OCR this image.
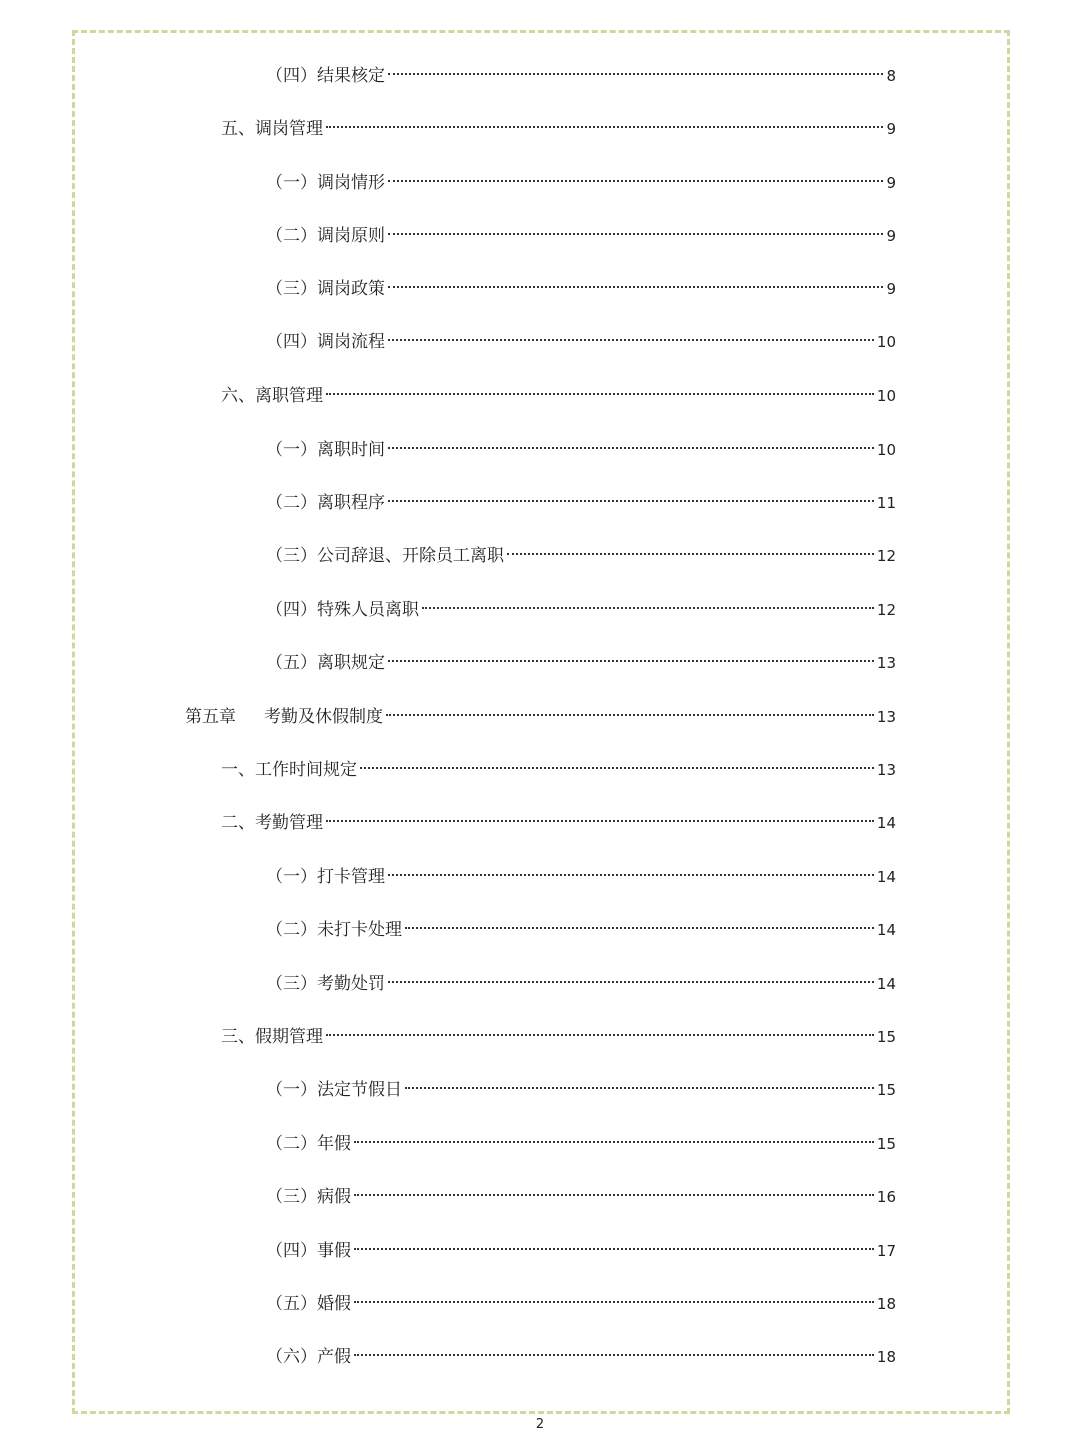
（四）结果核定	8
五、调岗管理	9
（一）调岗情形	9
（二）调岗原则	9
（三）调岗政策	9
（四）调岗流程	10
六、离职管理	10
（一）离职时间	10
（二）离职程序	11
（三）公司辞退、开除员工离职	12
（四）特殊人员离职	12
（五）离职规定	13
第五章 考勤及休假制度	13
一、工作时间规定	13
二、考勤管理	14
（一）打卡管理	14
（二）未打卡处理	14
（三）考勤处罚	14
三、假期管理	15
（一）法定节假日	15
（二）年假	15
（三）病假	16
（四）事假	17
（五）婚假	18
（六）产假	18
2
